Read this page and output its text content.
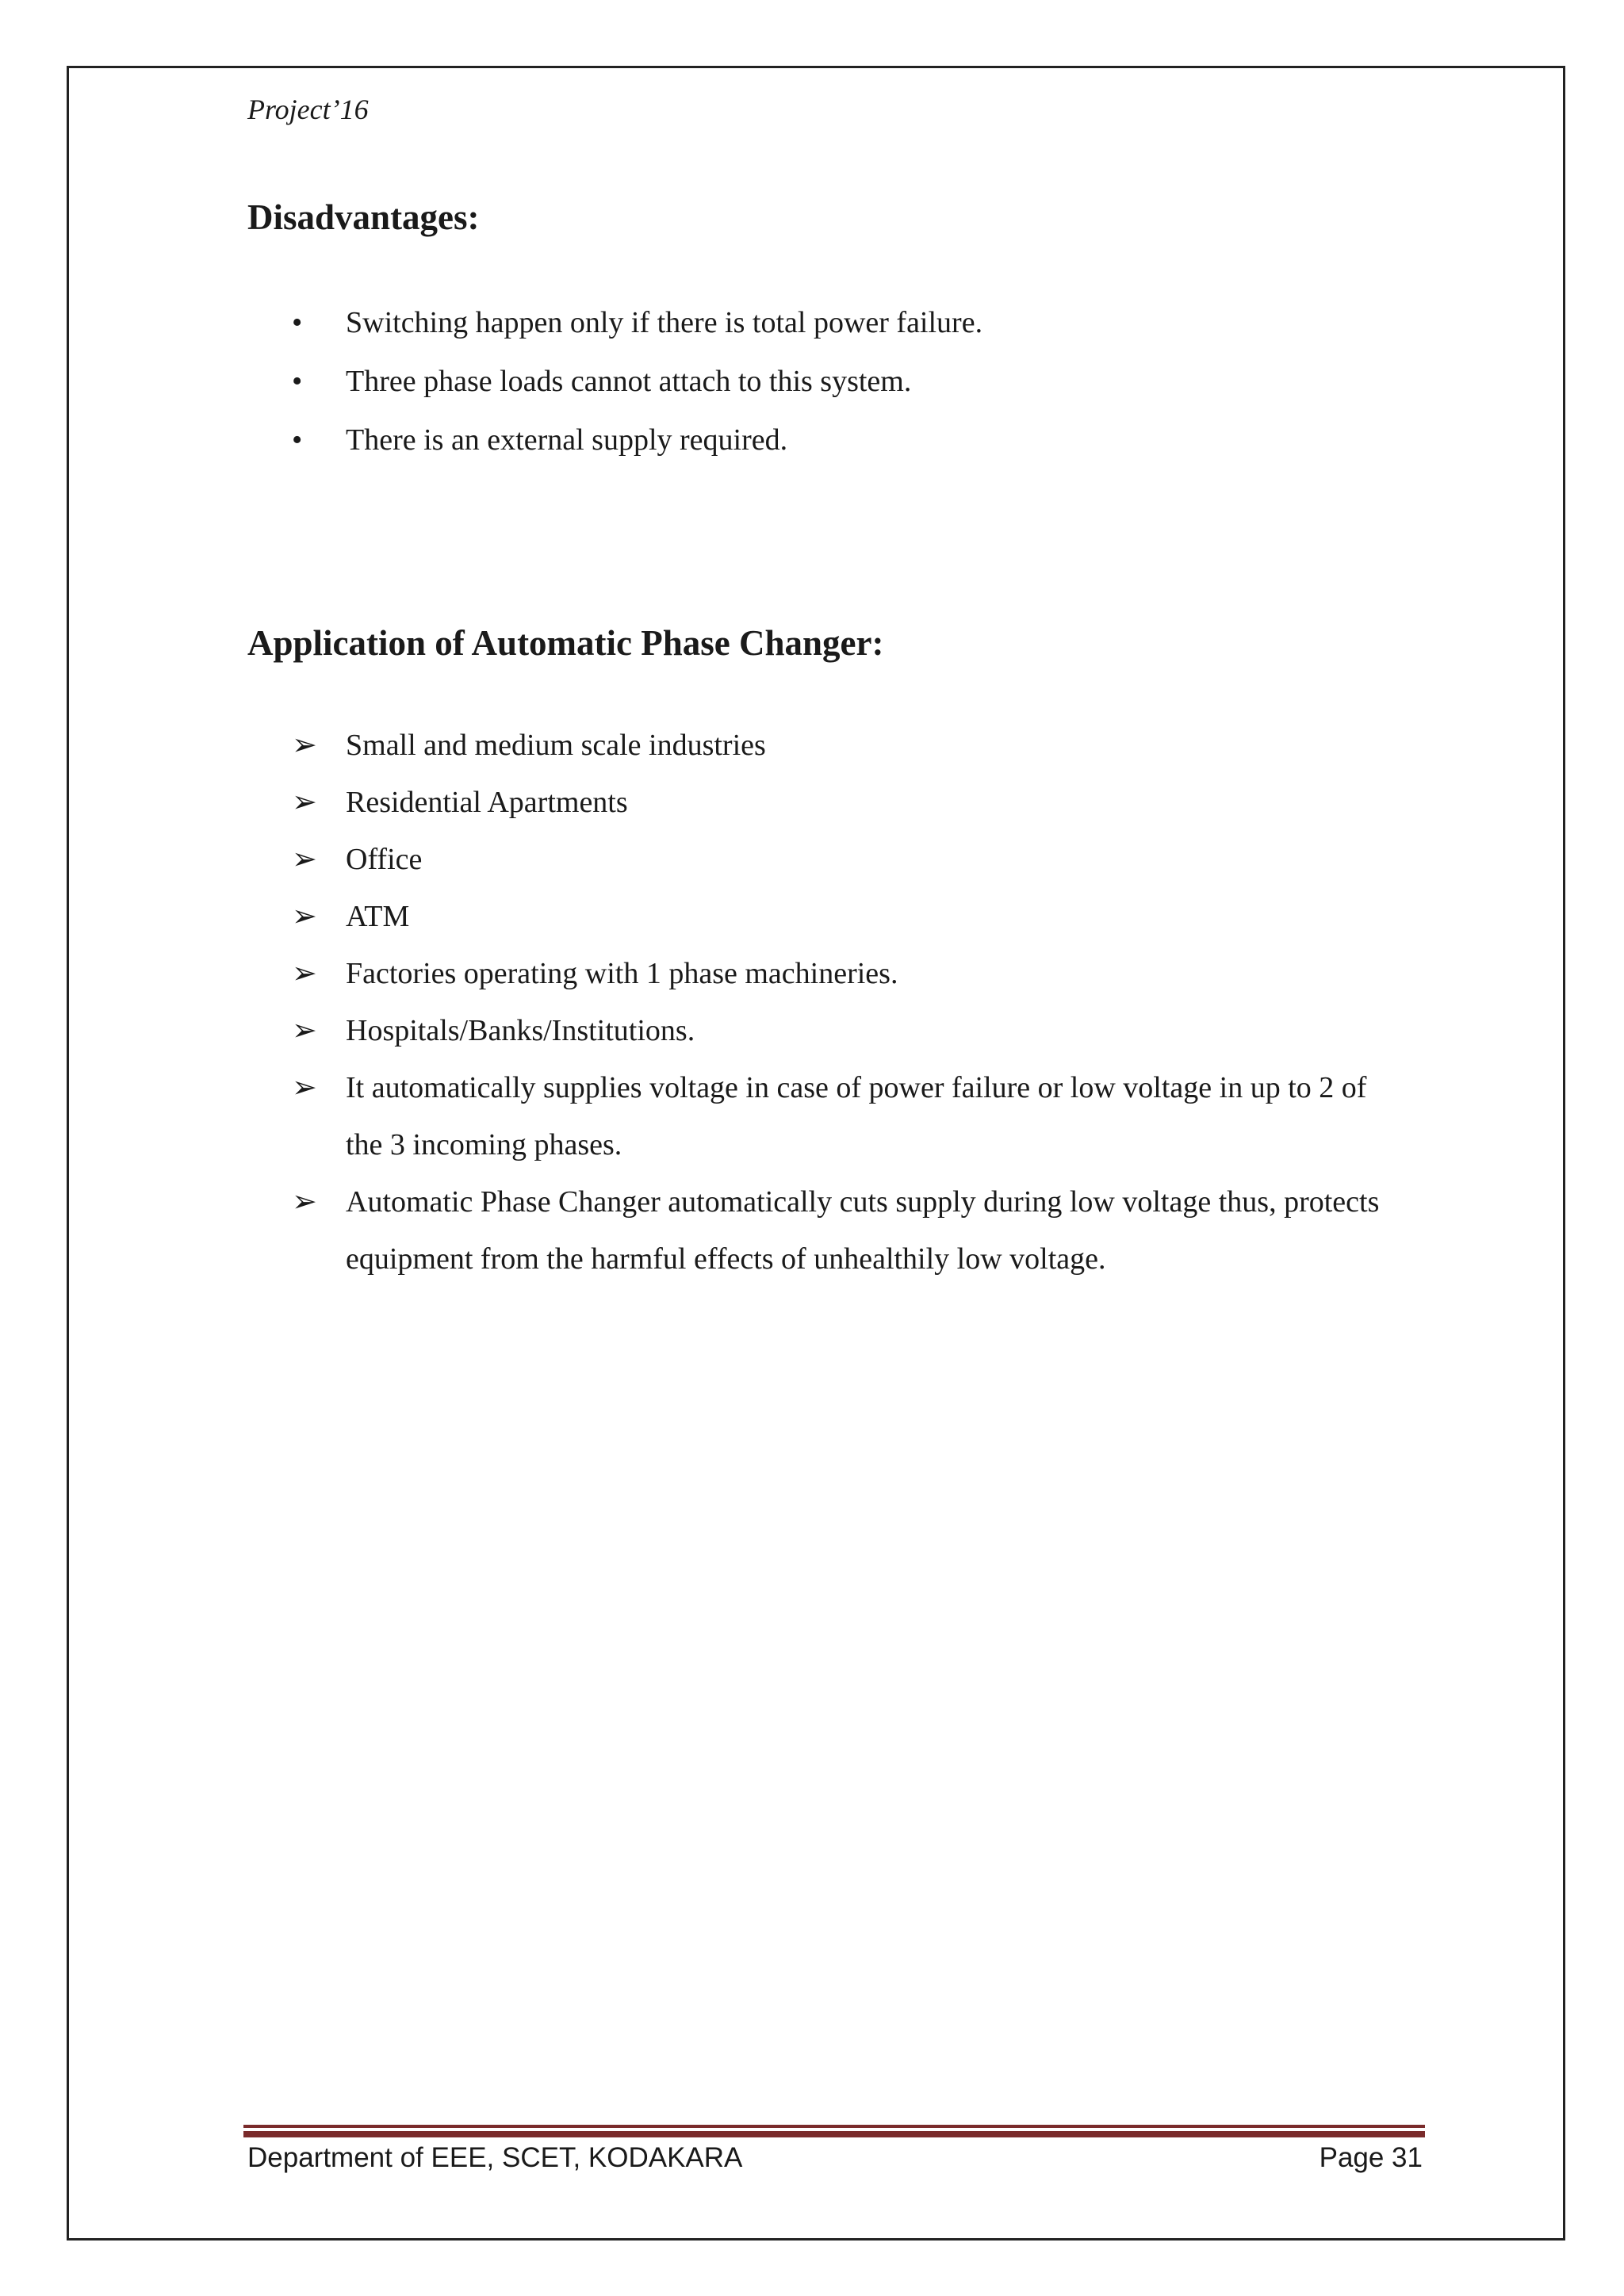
Project’16
Disadvantages:
• Switching happen only if there is total power failure.
• Three phase loads cannot attach to this system.
• There is an external supply required.
Application of Automatic Phase Changer:
➢ Small and medium scale industries
➢ Residential Apartments
➢ Office
➢ ATM
➢ Factories operating with 1 phase machineries.
➢ Hospitals/Banks/Institutions.
➢ It automatically supplies voltage in case of power failure or low voltage in up to 2 of the 3 incoming phases.
➢ Automatic Phase Changer automatically cuts supply during low voltage thus, protects equipment from the harmful effects of unhealthily low voltage.
Department of EEE, SCET, KODAKARA	Page 31
